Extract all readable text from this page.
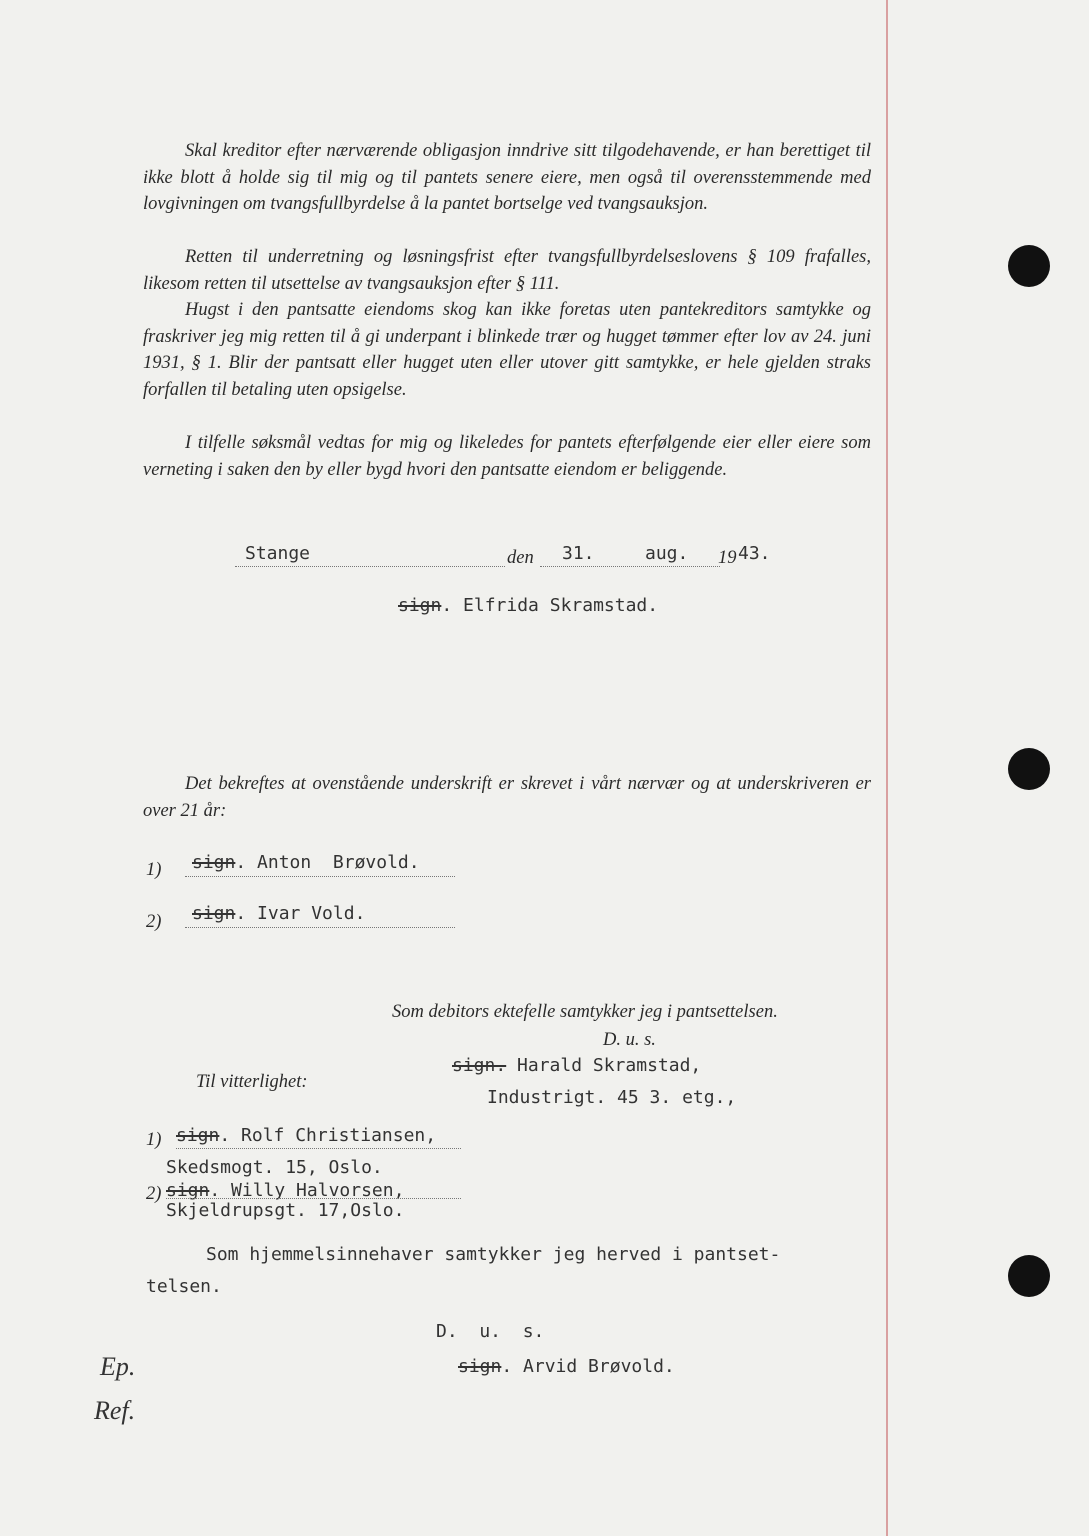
Skal kreditor efter nærværende obligasjon inndrive sitt tilgodehavende, er han berettiget til ikke blott å holde sig til mig og til pantets senere eiere, men også til overensstemmende med lovgivningen om tvangsfullbyrdelse å la pantet bortselge ved tvangsauksjon.

Retten til underretning og løsningsfrist efter tvangsfullbyrdelseslovens § 109 frafalles, likesom retten til utsettelse av tvangsauksjon efter § 111.

Hugst i den pantsatte eiendoms skog kan ikke foretas uten pantekreditors samtykke og fraskriver jeg mig retten til å gi underpant i blinkede trær og hugget tømmer efter lov av 24. juni 1931, § 1. Blir der pantsatt eller hugget uten eller utover gitt samtykke, er hele gjelden straks forfallen til betaling uten opsigelse.

I tilfelle søksmål vedtas for mig og likeledes for pantets efterfølgende eier eller eiere som verneting i saken den by eller bygd hvori den pantsatte eiendom er beliggende.

Stange	den 31.	aug. 19 43.
sign. Elfrida Skramstad.

Det bekreftes at ovenstående underskrift er skrevet i vårt nærvær og at underskriveren er over 21 år:

1) sign. Anton  Brøvold.
2) sign. Ivar Vold.
Som debitors ektefelle samtykker jeg i pantsettelsen.
D. u. s.
sign. Harald Skramstad,
Til vitterlighet:
Industrigt. 45 3. etg.,
1) sign. Rolf Christiansen,
Skedsmogt. 15, Oslo.
2) sign. Willy Halvorsen,
Skjeldrupsgt. 17,Oslo.
Som hjemmelsinnehaver samtykker jeg herved i pantset-
telsen.
D.  u.  s.
sign. Arvid Brøvold.
Ep.
Ref.
